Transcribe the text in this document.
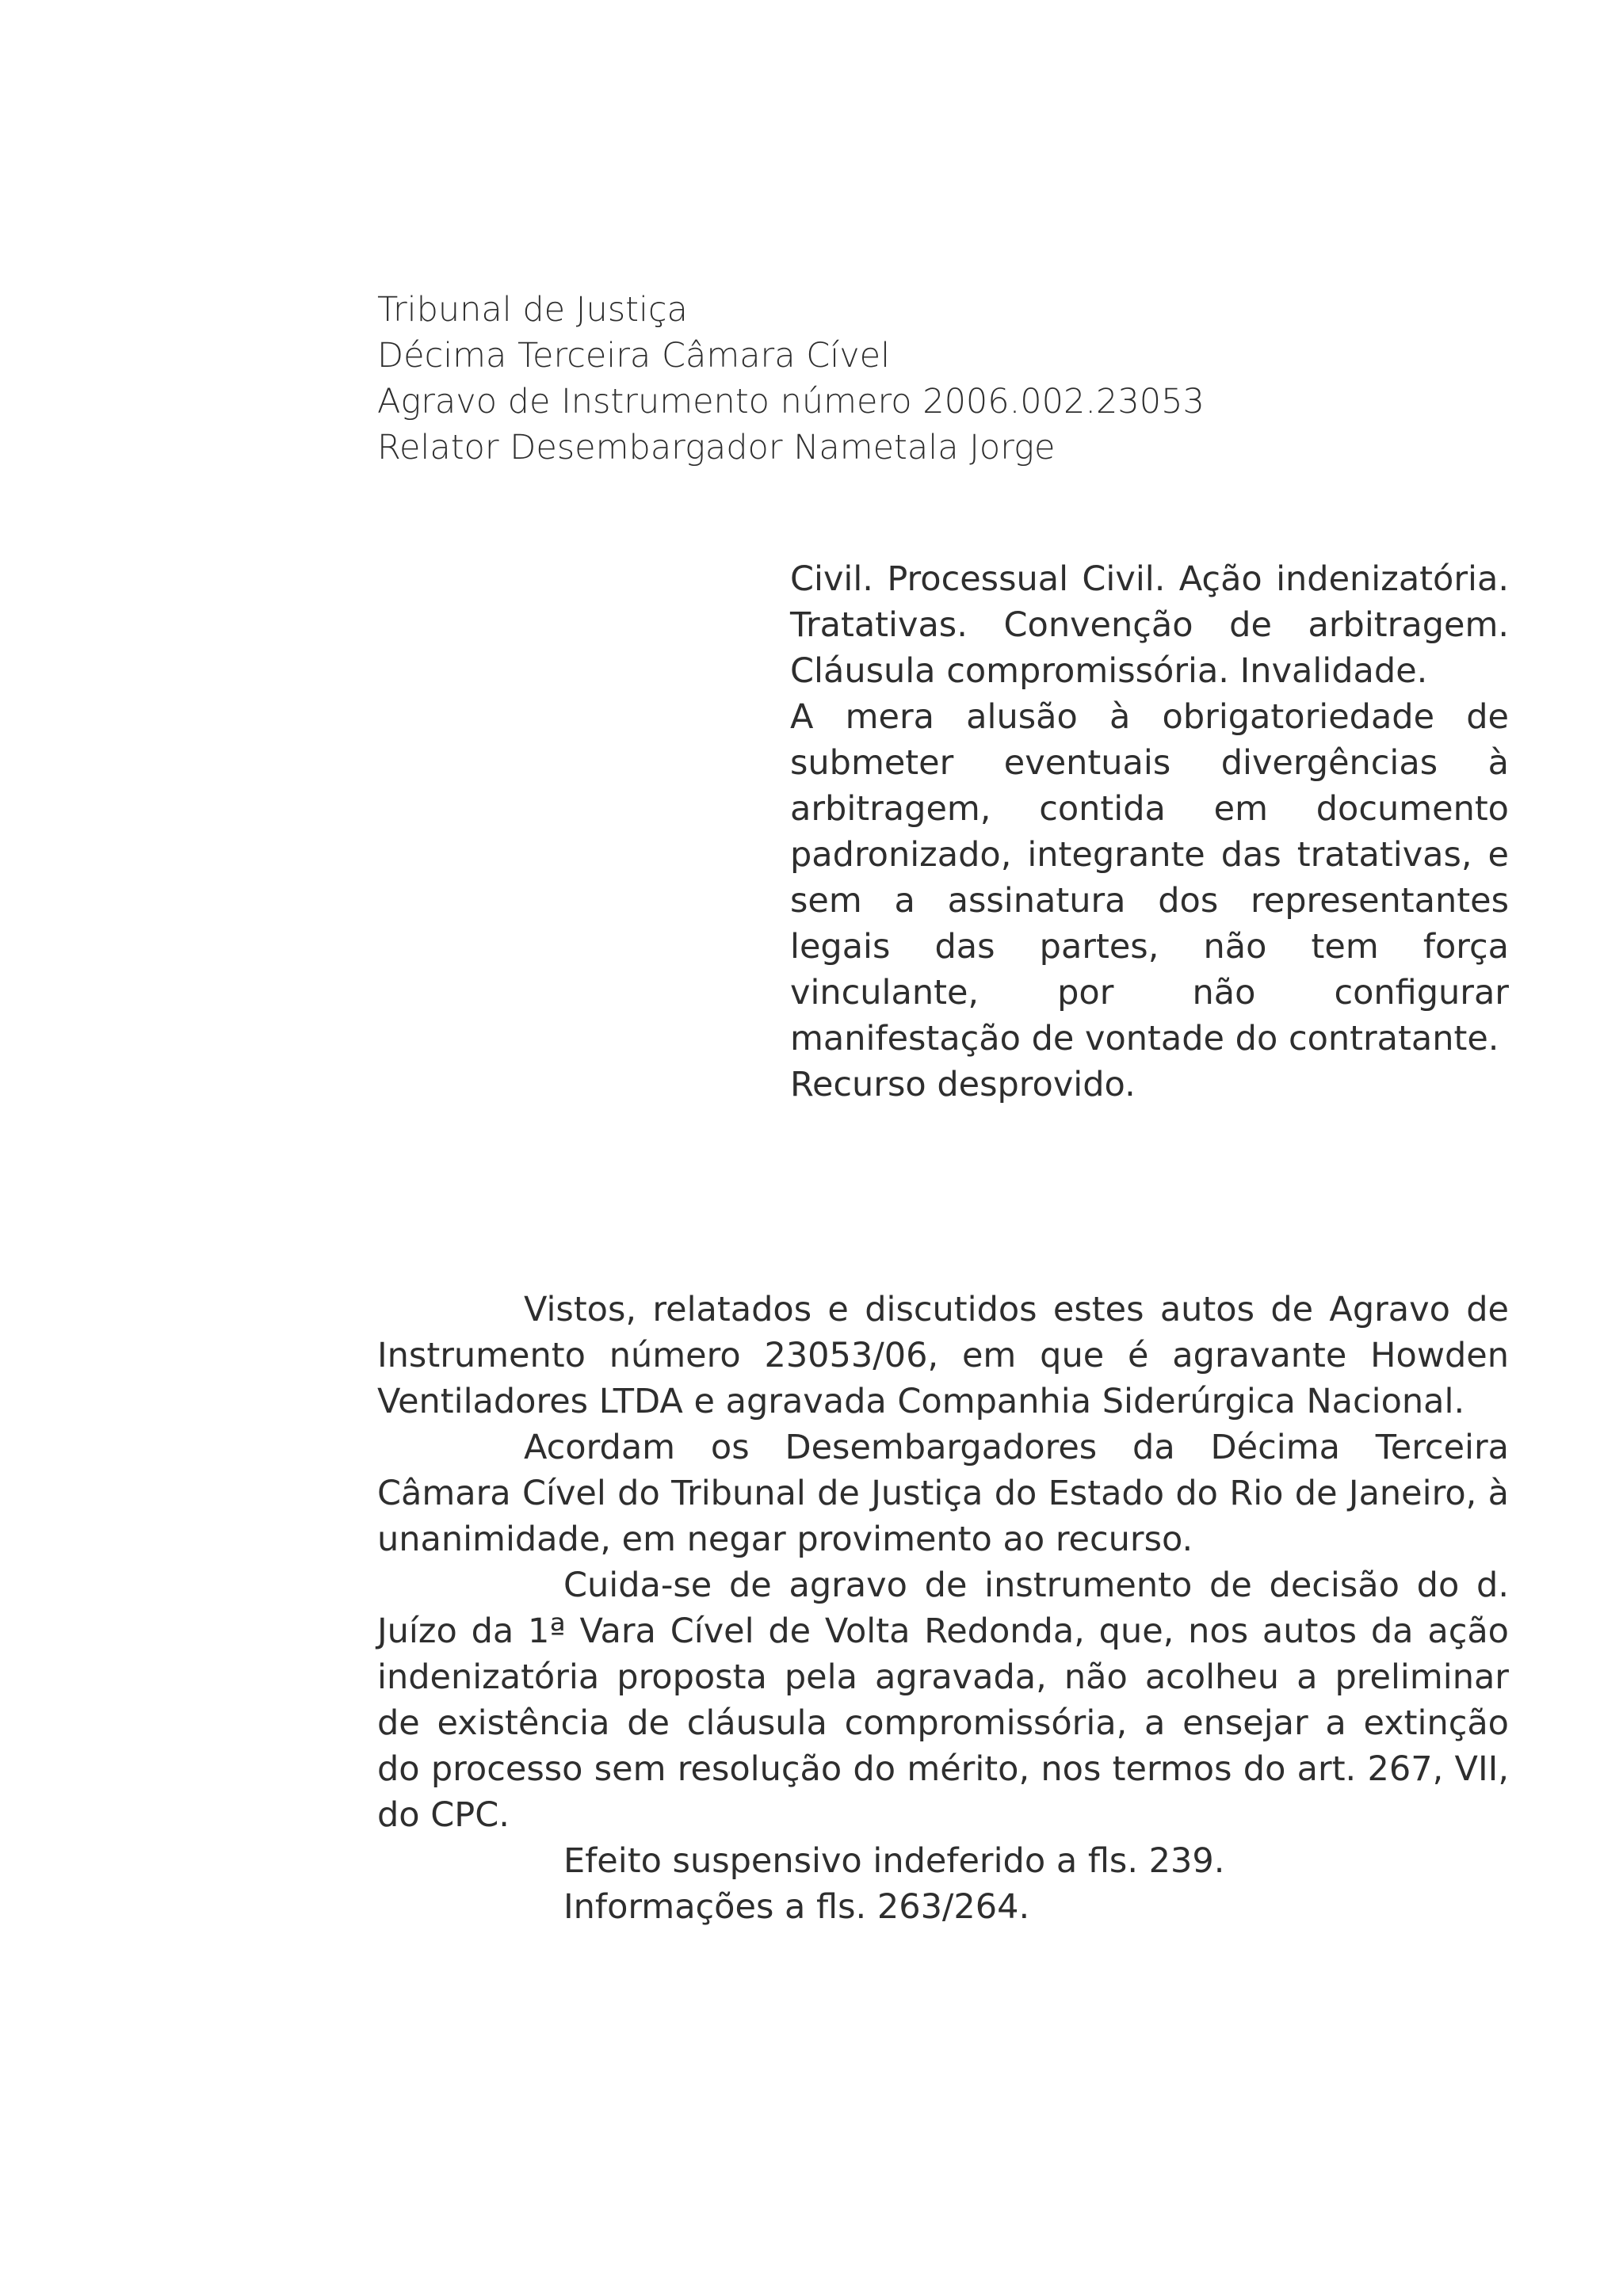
Tribunal de Justiça
Décima Terceira Câmara Cível
Agravo de Instrumento número 2006.002.23053
Relator Desembargador Nametala Jorge

Civil. Processual Civil. Ação indenizatória. Tratativas. Convenção de arbitragem. Cláusula compromissória. Invalidade.

A mera alusão à obrigatoriedade de submeter eventuais divergências à arbitragem, contida em documento padronizado, integrante das tratativas, e sem a assinatura dos representantes legais das partes, não tem força vinculante, por não configurar manifestação de vontade do contratante.

Recurso desprovido.

Vistos, relatados e discutidos estes autos de Agravo de Instrumento número 23053/06, em que é agravante Howden Ventiladores LTDA e agravada Companhia Siderúrgica Nacional.

Acordam os Desembargadores da Décima Terceira Câmara Cível do Tribunal de Justiça do Estado do Rio de Janeiro, à unanimidade, em negar provimento ao recurso.

Cuida-se de agravo de instrumento de decisão do d. Juízo da 1ª Vara Cível de Volta Redonda, que, nos autos da ação indenizatória proposta pela agravada, não acolheu a preliminar de existência de cláusula compromissória, a ensejar a extinção do processo sem resolução do mérito, nos termos do art. 267, VII, do CPC.

Efeito suspensivo indeferido a fls. 239.

Informações a fls. 263/264.
